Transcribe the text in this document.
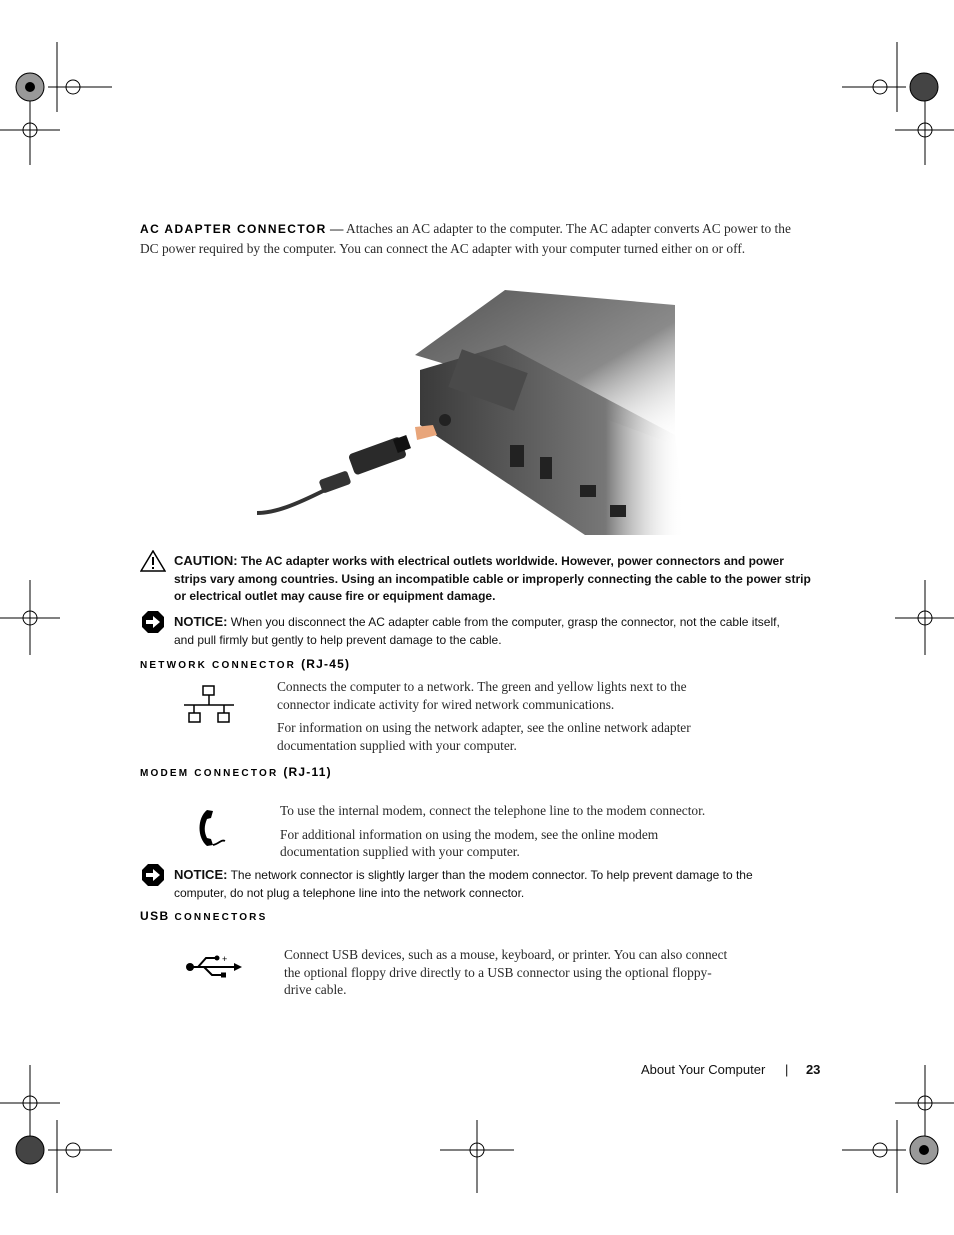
AC ADAPTER CONNECTOR — Attaches an AC adapter to the computer. The AC adapter converts AC power to the
DC power required by the computer. You can connect the AC adapter with your computer turned either on or off.
CAUTION: The AC adapter works with electrical outlets worldwide. However, power connectors and power
strips vary among countries. Using an incompatible cable or improperly connecting the cable to the power strip
or electrical outlet may cause fire or equipment damage.
NOTICE: When you disconnect the AC adapter cable from the computer, grasp the connector, not the cable itself,
and pull firmly but gently to help prevent damage to the cable.
NETWORK CONNECTOR (RJ-45)
Connects the computer to a network. The green and yellow lights next to the
connector indicate activity for wired network communications.
For information on using the network adapter, see the online network adapter
documentation supplied with your computer.
MODEM CONNECTOR (RJ-11)
To use the internal modem, connect the telephone line to the modem connector.
For additional information on using the modem, see the online modem
documentation supplied with your computer.
NOTICE: The network connector is slightly larger than the modem connector. To help prevent damage to the
computer, do not plug a telephone line into the network connector.
USB CONNECTORS
+	Connect USB devices, such as a mouse, keyboard, or printer. You can also connect
the optional floppy drive directly to a USB connector using the optional floppy-
drive cable.
About Your Computer | 23
